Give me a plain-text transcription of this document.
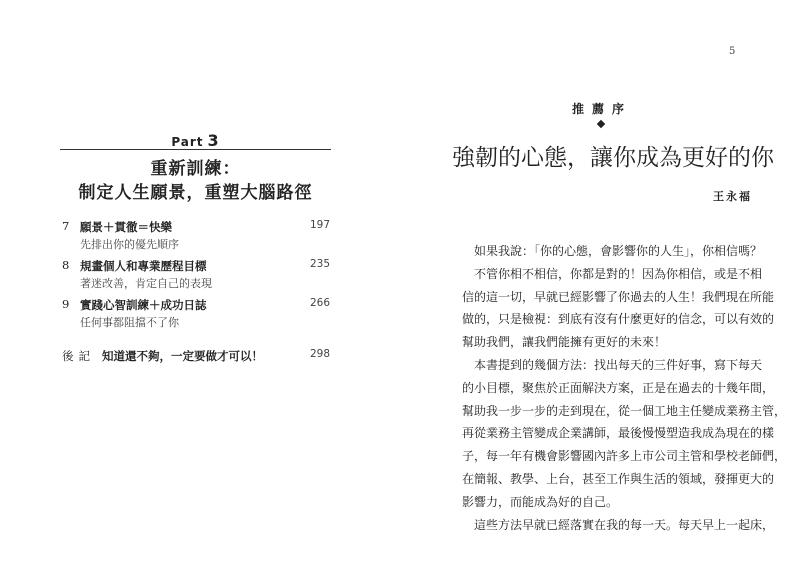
5
Part 3
重新訓練：
制定人生願景，重塑大腦路徑
7 願景＋貫徹＝快樂	197
先排出你的優先順序
8 規畫個人和專業歷程目標	235
著迷改善，肯定自己的表現
9 實踐心智訓練＋成功日誌	266
任何事都阻擋不了你
後記 知道還不夠，一定要做才可以！	298
推薦序
強韌的心態，讓你成為更好的你
王永福
　如果我說：「你的心態，會影響你的人生」，你相信嗎？
　不管你相不相信，你都是對的！因為你相信，或是不相
信的這一切，早就已經影響了你過去的人生！我們現在所能
做的，只是檢視：到底有沒有什麼更好的信念，可以有效的
幫助我們，讓我們能擁有更好的未來！
　本書提到的幾個方法：找出每天的三件好事，寫下每天
的小目標，聚焦於正面解決方案，正是在過去的十幾年間，
幫助我一步一步的走到現在，從一個工地主任變成業務主管，
再從業務主管變成企業講師，最後慢慢塑造我成為現在的樣
子，每一年有機會影響國內許多上市公司主管和學校老師們，
在簡報、教學、上台，甚至工作與生活的領域，發揮更大的
影響力，而能成為好的自己。
　這些方法早就已經落實在我的每一天。每天早上一起床，
